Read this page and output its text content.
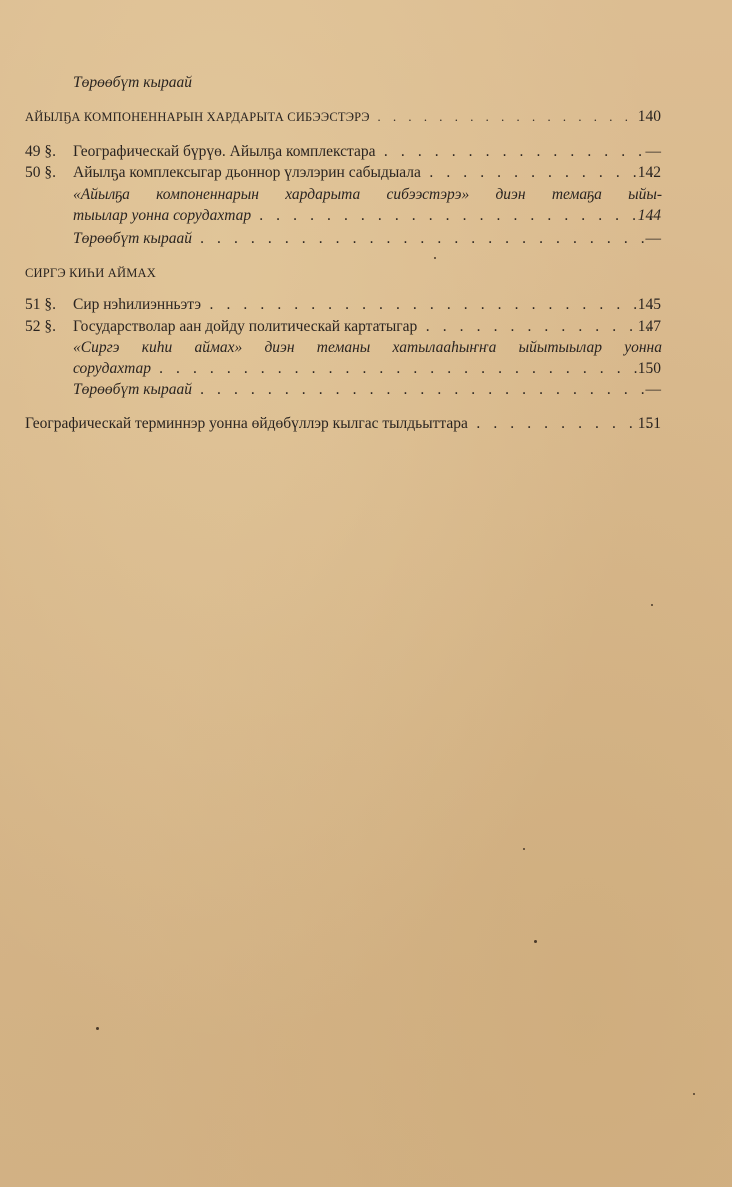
Төрөөбүт кыраай
АЙЫЛҔА КОМПОНЕННАРЫН ХАРДАРЫТА СИБЭЭСТЭРЭ . . .	140
49 §.	Географическай бүрүө. Айылҕа комплекстара . . .	—
50 §.	Айылҕа комплексыгар дьоннор үлэлэрин сабыдыала . . .	142
«Айылҕа компоненнарын хардарыта сибээстэрэ» диэн темаҕа ыйы-
тыылар уонна сорудахтар . . .	144
Төрөөбүт кыраай . . .	—
СИРГЭ КИҺИ АЙМАХ
51 §.	Сир нэһилиэнньэтэ . . .	145
52 §.	Государстволар аан дойду политическай картатыгар . . .	147
«Сиргэ киһи аймах» диэн теманы хатылааһыҥҥа ыйытыылар уонна
сорудахтар . . .	150
Төрөөбүт кыраай . . .	—
Географическай терминнэр уонна өйдөбүллэр кылгас тылдьыттара . . .	151
